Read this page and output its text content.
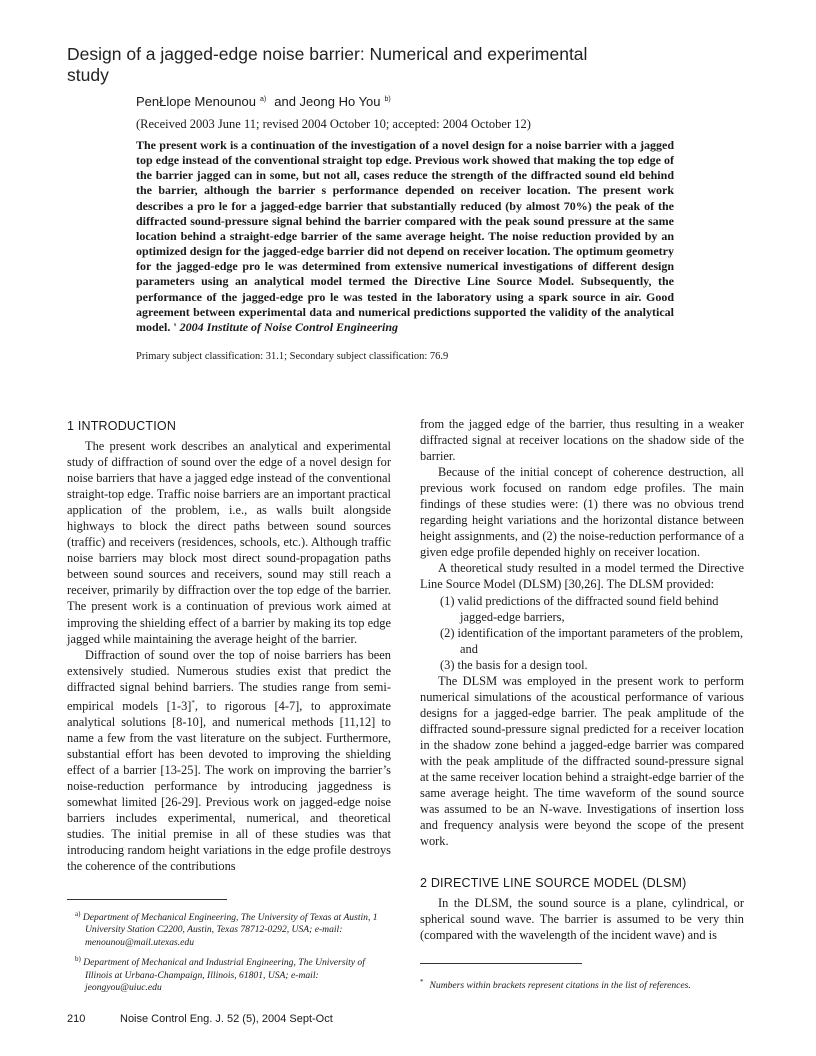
Design of a jagged-edge noise barrier: Numerical and experimental study
PenŁlope Menounou $^{a)}$ and Jeong Ho You $^{b)}$
(Received 2003 June 11; revised 2004 October 10; accepted: 2004 October 12)
The present work is a continuation of the investigation of a novel design for a noise barrier with a jagged top edge instead of the conventional straight top edge. Previous work showed that making the top edge of the barrier jagged can in some, but not all, cases reduce the strength of the diffracted sound eld behind the barrier, although the barrier s performance depended on receiver location. The present work describes a pro le for a jagged-edge barrier that substantially reduced (by almost 70%) the peak of the diffracted sound-pressure signal behind the barrier compared with the peak sound pressure at the same location behind a straight-edge barrier of the same average height. The noise reduction provided by an optimized design for the jagged-edge barrier did not depend on receiver location. The optimum geometry for the jagged-edge pro le was determined from extensive numerical investigations of different design parameters using an analytical model termed the Directive Line Source Model. Subsequently, the performance of the jagged-edge pro le was tested in the laboratory using a spark source in air. Good agreement between experimental data and numerical predictions supported the validity of the analytical model. ' 2004 Institute of Noise Control Engineering
Primary subject classification: 31.1; Secondary subject classification: 76.9
1 INTRODUCTION

The present work describes an analytical and experimental study of diffraction of sound over the edge of a novel design for noise barriers that have a jagged edge instead of the conventional straight-top edge. Traffic noise barriers are an important practical application of the problem, i.e., as walls built alongside highways to block the direct paths between sound sources (traffic) and receivers (residences, schools, etc.). Although traffic noise barriers may block most direct sound-propagation paths between sound sources and receivers, sound may still reach a receiver, primarily by diffraction over the top edge of the barrier. The present work is a continuation of previous work aimed at improving the shielding effect of a barrier by making its top edge jagged while maintaining the average height of the barrier.

Diffraction of sound over the top of noise barriers has been extensively studied. Numerous studies exist that predict the diffracted signal behind barriers. The studies range from semi-empirical models [1-3]*, to rigorous [4-7], to approximate analytical solutions [8-10], and numerical methods [11,12] to name a few from the vast literature on the subject. Furthermore, substantial effort has been devoted to improving the shielding effect of a barrier [13-25]. The work on improving the barrier’s noise-reduction performance by introducing jaggedness is somewhat limited [26-29]. Previous work on jagged-edge noise barriers includes experimental, numerical, and theoretical studies. The initial premise in all of these studies was that introducing random height variations in the edge profile destroys the coherence of the contributions

from the jagged edge of the barrier, thus resulting in a weaker diffracted signal at receiver locations on the shadow side of the barrier.

Because of the initial concept of coherence destruction, all previous work focused on random edge profiles. The main findings of these studies were: (1) there was no obvious trend regarding height variations and the horizontal distance between height assignments, and (2) the noise-reduction performance of a given edge profile depended highly on receiver location.

A theoretical study resulted in a model termed the Directive Line Source Model (DLSM) [30,26]. The DLSM provided:

(1) valid predictions of the diffracted sound field behind jagged-edge barriers,
(2) identification of the important parameters of the problem, and
(3) the basis for a design tool.

The DLSM was employed in the present work to perform numerical simulations of the acoustical performance of various designs for a jagged-edge barrier. The peak amplitude of the diffracted sound-pressure signal predicted for a receiver location in the shadow zone behind a jagged-edge barrier was compared with the peak amplitude of the diffracted sound-pressure signal at the same receiver location behind a straight-edge barrier of the same average height. The time waveform of the sound source was assumed to be an N-wave. Investigations of insertion loss and frequency analysis were beyond the scope of the present work.

2 DIRECTIVE LINE SOURCE MODEL (DLSM)

In the DLSM, the sound source is a plane, cylindrical, or spherical sound wave. The barrier is assumed to be very thin (compared with the wavelength of the incident wave) and is

$^{a)}$ Department of Mechanical Engineering, The University of Texas at Austin, 1 University Station C2200, Austin, Texas 78712-0292, USA; e-mail: menounou@mail.utexas.edu

$^{b)}$ Department of Mechanical and Industrial Engineering, The University of Illinois at Urbana-Champaign, Illinois, 61801, USA; e-mail: jeongyou@uiuc.edu	* Numbers within brackets represent citations in the list of references.
210	Noise Control Eng. J. 52 (5), 2004 Sept-Oct
